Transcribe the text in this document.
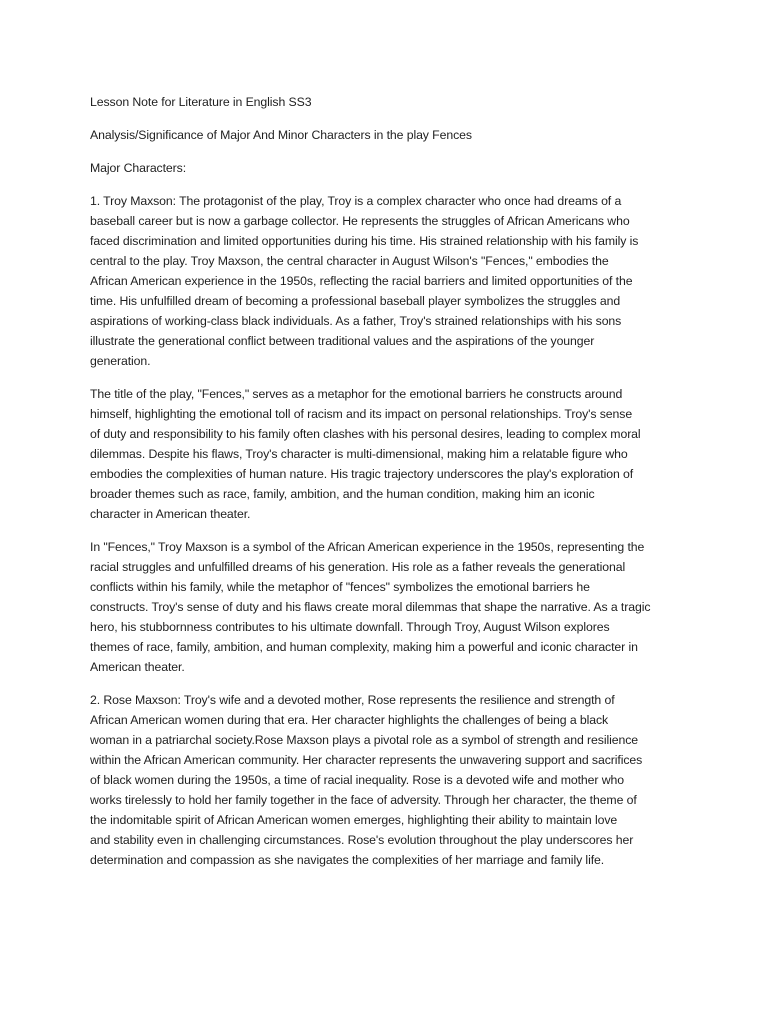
Lesson Note for Literature in English SS3

Analysis/Significance of Major And Minor Characters in the play Fences

Major Characters:

1. Troy Maxson: The protagonist of the play, Troy is a complex character who once had dreams of a
baseball career but is now a garbage collector. He represents the struggles of African Americans who
faced discrimination and limited opportunities during his time. His strained relationship with his family is
central to the play. Troy Maxson, the central character in August Wilson's "Fences," embodies the
African American experience in the 1950s, reflecting the racial barriers and limited opportunities of the
time. His unfulfilled dream of becoming a professional baseball player symbolizes the struggles and
aspirations of working-class black individuals. As a father, Troy's strained relationships with his sons
illustrate the generational conflict between traditional values and the aspirations of the younger
generation.

The title of the play, "Fences," serves as a metaphor for the emotional barriers he constructs around
himself, highlighting the emotional toll of racism and its impact on personal relationships. Troy's sense
of duty and responsibility to his family often clashes with his personal desires, leading to complex moral
dilemmas. Despite his flaws, Troy's character is multi-dimensional, making him a relatable figure who
embodies the complexities of human nature. His tragic trajectory underscores the play's exploration of
broader themes such as race, family, ambition, and the human condition, making him an iconic
character in American theater.

In "Fences," Troy Maxson is a symbol of the African American experience in the 1950s, representing the
racial struggles and unfulfilled dreams of his generation. His role as a father reveals the generational
conflicts within his family, while the metaphor of "fences" symbolizes the emotional barriers he
constructs. Troy's sense of duty and his flaws create moral dilemmas that shape the narrative. As a tragic
hero, his stubbornness contributes to his ultimate downfall. Through Troy, August Wilson explores
themes of race, family, ambition, and human complexity, making him a powerful and iconic character in
American theater.

2. Rose Maxson: Troy's wife and a devoted mother, Rose represents the resilience and strength of
African American women during that era. Her character highlights the challenges of being a black
woman in a patriarchal society.Rose Maxson plays a pivotal role as a symbol of strength and resilience
within the African American community. Her character represents the unwavering support and sacrifices
of black women during the 1950s, a time of racial inequality. Rose is a devoted wife and mother who
works tirelessly to hold her family together in the face of adversity. Through her character, the theme of
the indomitable spirit of African American women emerges, highlighting their ability to maintain love
and stability even in challenging circumstances. Rose's evolution throughout the play underscores her
determination and compassion as she navigates the complexities of her marriage and family life.
